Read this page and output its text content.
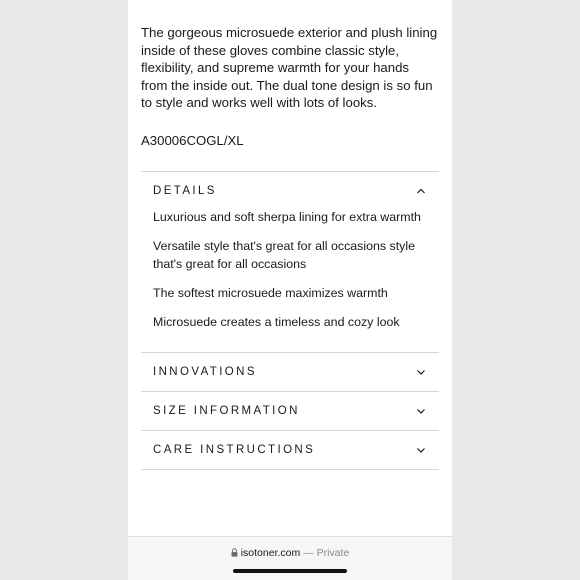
The gorgeous microsuede exterior and plush lining inside of these gloves combine classic style, flexibility, and supreme warmth for your hands from the inside out. The dual tone design is so fun to style and works well with lots of looks.

A30006COGL/XL

DETAILS

Luxurious and soft sherpa lining for extra warmth

Versatile style that's great for all occasions style that's great for all occasions

The softest microsuede maximizes warmth

Microsuede creates a timeless and cozy look

INNOVATIONS
SIZE INFORMATION
CARE INSTRUCTIONS
isotoner.com — Private
